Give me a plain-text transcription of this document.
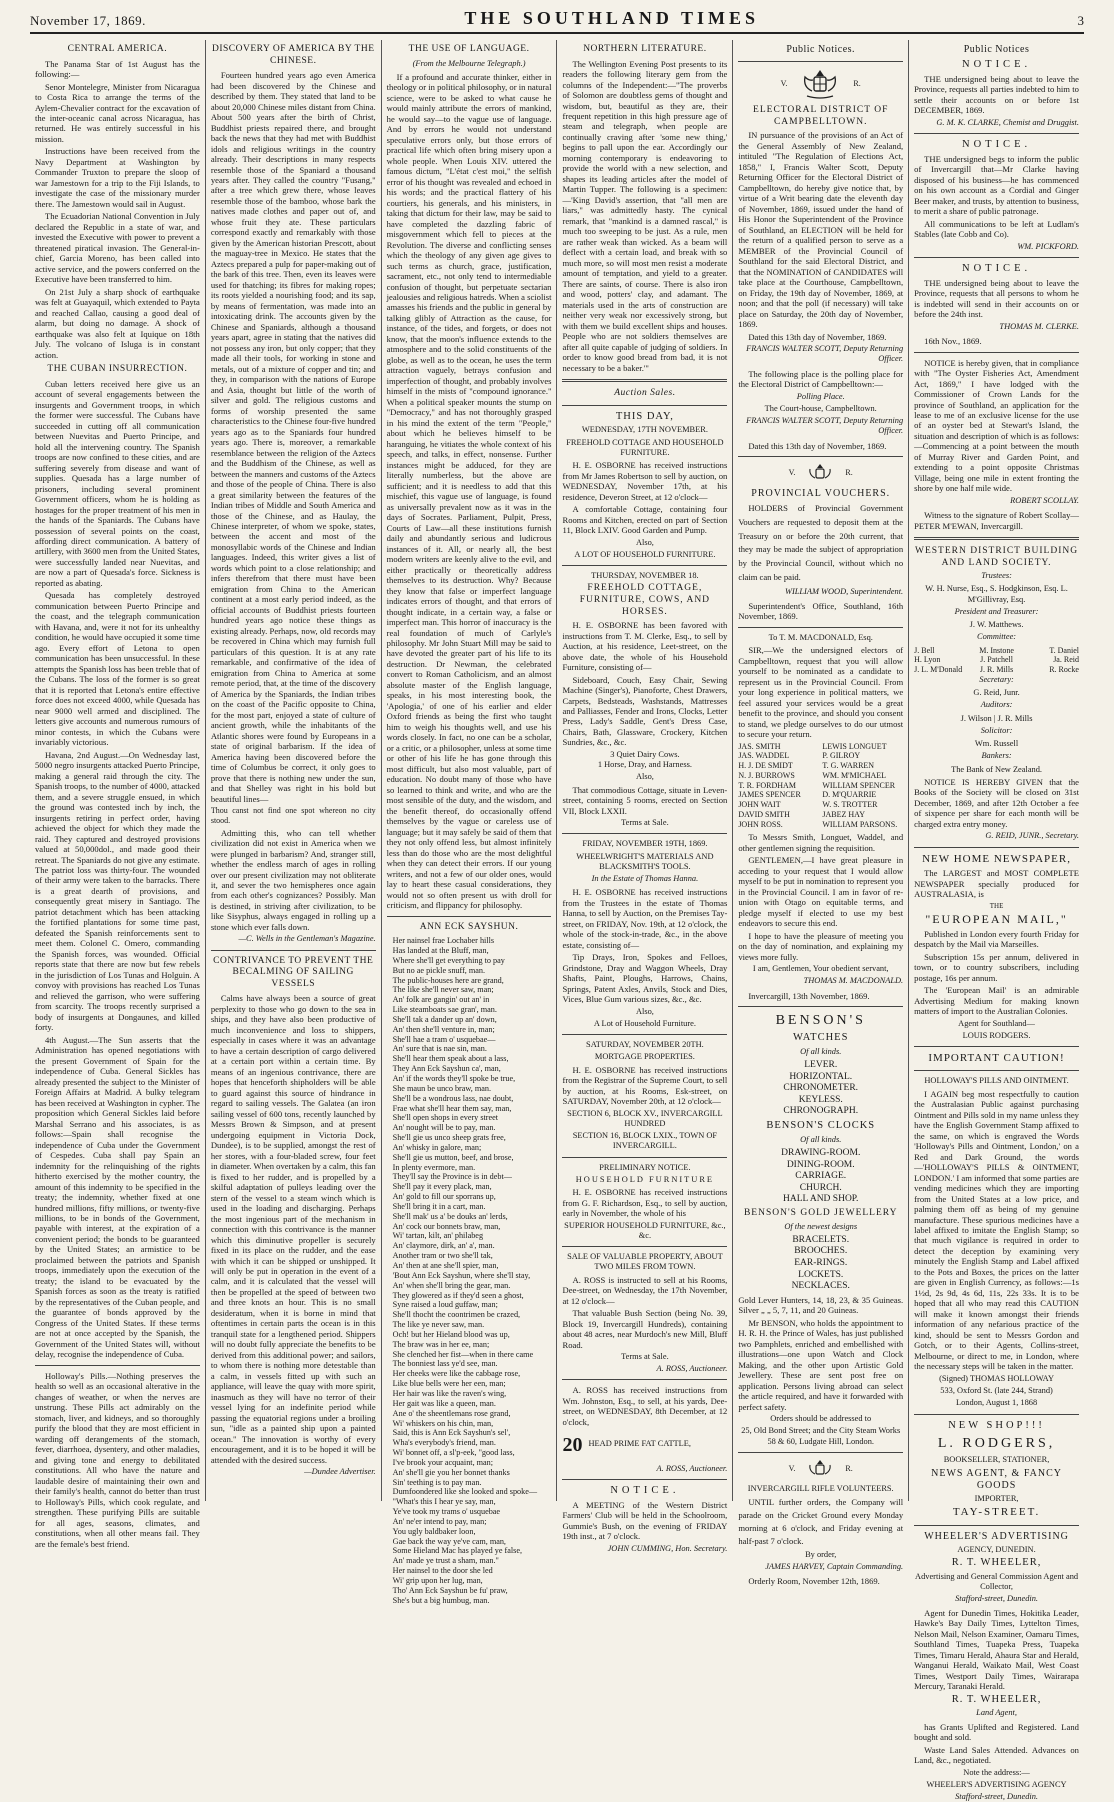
November 17, 1869.	THE SOUTHLAND TIMES	3
CENTRAL AMERICA.

The Panama Star of 1st August has the following:—

Senor Montelegre, Minister from Nicaragua to Costa Rica to arrange the terms of the Aylem-Chevalier contract for the excavation of the inter-oceanic canal across Nicaragua, has returned. He was entirely successful in his mission.

Instructions have been received from the Navy Department at Washington by Commander Truxton to prepare the sloop of war Jamestown for a trip to the Fiji Islands, to investigate the case of the missionary murder there. The Jamestown would sail in August.

The Ecuadorian National Convention in July declared the Republic in a state of war, and invested the Executive with power to prevent a threatened piratical invasion. The General-in-chief, Garcia Moreno, has been called into active service, and the powers conferred on the Executive have been transferred to him.

On 21st July a sharp shock of earthquake was felt at Guayaquil, which extended to Payta and reached Callao, causing a good deal of alarm, but doing no damage. A shock of earthquake was also felt at Iquique on 18th July. The volcano of Isluga is in constant action.

THE CUBAN INSURRECTION.

Cuban letters received here give us an account of several engagements between the insurgents and Government troops, in which the former were successful. The Cubans have succeeded in cutting off all communication between Nuevitas and Puerto Principe, and hold all the intervening country. The Spanish troops are now confined to these cities, and are suffering severely from disease and want of supplies. Quesada has a large number of prisoners, including several prominent Government officers, whom he is holding as hostages for the proper treatment of his men in the hands of the Spaniards. The Cubans have possession of several points on the coast, affording direct communication. A battery of artillery, with 3600 men from the United States, were successfully landed near Nuevitas, and are now a part of Quesada's force. Sickness is reported as abating.

Quesada has completely destroyed communication between Puerto Principe and the coast, and the telegraph communication with Havana, and, were it not for its unhealthy condition, he would have occupied it some time ago. Every effort of Letona to open communication has been unsuccessful. In these attempts the Spanish loss has been treble that of the Cubans. The loss of the former is so great that it is reported that Letona's entire effective force does not exceed 4000, while Quesada has near 9000 well armed and disciplined. The letters give accounts and numerous rumours of minor contests, in which the Cubans were invariably victorious.

Havana, 2nd August.—On Wednesday last, 5000 negro insurgents attacked Puerto Principe, making a general raid through the city. The Spanish troops, to the number of 4000, attacked them, and a severe struggle ensued, in which the ground was contested inch by inch, the insurgents retiring in perfect order, having achieved the object for which they made the raid. They captured and destroyed provisions valued at 50,000dol., and made good their retreat. The Spaniards do not give any estimate. The patriot loss was thirty-four. The wounded of their army were taken to the barracks. There is a great dearth of provisions, and consequently great misery in Santiago. The patriot detachment which has been attacking the fortified plantations for some time past, defeated the Spanish reinforcements sent to meet them. Colonel C. Omero, commanding the Spanish forces, was wounded. Official reports state that there are now but few rebels in the jurisdiction of Los Tunas and Holguin. A convoy with provisions has reached Los Tunas and relieved the garrison, who were suffering from scarcity. The troops recently surprised a body of insurgents at Dongaunes, and killed forty.

4th August.—The Sun asserts that the Administration has opened negotiations with the present Government of Spain for the independence of Cuba. General Sickles has already presented the subject to the Minister of Foreign Affairs at Madrid. A bulky telegram has been received at Washington in cypher. The proposition which General Sickles laid before Marshal Serrano and his associates, is as follows:—Spain shall recognise the independence of Cuba under the Government of Cespedes. Cuba shall pay Spain an indemnity for the relinquishing of the rights hitherto exercised by the mother country, the amount of this indemnity to be specified in the treaty; the indemnity, whether fixed at one hundred millions, fifty millions, or twenty-five millions, to be in bonds of the Government, payable with interest, at the expiration of a convenient period; the bonds to be guaranteed by the United States; an armistice to be proclaimed between the patriots and Spanish troops, immediately upon the execution of the treaty; the island to be evacuated by the Spanish forces as soon as the treaty is ratified by the representatives of the Cuban people, and the guarantee of bonds approved by the Congress of the United States. If these terms are not at once accepted by the Spanish, the Government of the United States will, without delay, recognise the independence of Cuba.

Holloway's Pills.—Nothing preserves the health so well as an occasional alterative in the changes of weather, or when the nerves are unstrung. These Pills act admirably on the stomach, liver, and kidneys, and so thoroughly purify the blood that they are most efficient in warding off derangements of the stomach, fever, diarrhoea, dysentery, and other maladies, and giving tone and energy to debilitated constitutions. All who have the nature and laudable desire of maintaining their own and their family's health, cannot do better than trust to Holloway's Pills, which cook regulate, and strengthen. These purifying Pills are suitable for all ages, seasons, climates, and constitutions, when all other means fail. They are the female's best friend.

DISCOVERY OF AMERICA BY THE CHINESE.

Fourteen hundred years ago even America had been discovered by the Chinese and described by them. They stated that land to be about 20,000 Chinese miles distant from China. About 500 years after the birth of Christ, Buddhist priests repaired there, and brought back the news that they had met with Buddhist idols and religious writings in the country already. Their descriptions in many respects resemble those of the Spaniard a thousand years after. They called the country "Fusang," after a tree which grew there, whose leaves resemble those of the bamboo, whose bark the natives made clothes and paper out of, and whose fruit they ate. These particulars correspond exactly and remarkably with those given by the American historian Prescott, about the maguay-tree in Mexico. He states that the Aztecs prepared a pulp for paper-making out of the bark of this tree. Then, even its leaves were used for thatching; its fibres for making ropes; its roots yielded a nourishing food; and its sap, by means of fermentation, was made into an intoxicating drink. The accounts given by the Chinese and Spaniards, although a thousand years apart, agree in stating that the natives did not possess any iron, but only copper; that they made all their tools, for working in stone and metals, out of a mixture of copper and tin; and they, in comparison with the nations of Europe and Asia, thought but little of the worth of silver and gold. The religious customs and forms of worship presented the same characteristics to the Chinese four-five hundred years ago as to the Spaniards four hundred years ago. There is, moreover, a remarkable resemblance between the religion of the Aztecs and the Buddhism of the Chinese, as well as between the manners and customs of the Aztecs and those of the people of China. There is also a great similarity between the features of the Indian tribes of Middle and South America and those of the Chinese, and as Haulay, the Chinese interpreter, of whom we spoke, states, between the accent and most of the monosyllabic words of the Chinese and Indian languages. Indeed, this writer gives a list of words which point to a close relationship; and infers therefrom that there must have been emigration from China to the American continent at a most early period indeed, as the official accounts of Buddhist priests fourteen hundred years ago notice these things as existing already. Perhaps, now, old records may be recovered in China which may furnish full particulars of this question. It is at any rate remarkable, and confirmative of the idea of emigration from China to America at some remote period, that, at the time of the discovery of America by the Spaniards, the Indian tribes on the coast of the Pacific opposite to China, for the most part, enjoyed a state of culture of ancient growth, while the inhabitants of the Atlantic shores were found by Europeans in a state of original barbarism. If the idea of America having been discovered before the time of Columbus be correct, it only goes to prove that there is nothing new under the sun, and that Shelley was right in his bold but beautiful lines—

Thou canst not find one spot whereon no city stood.

Admitting this, who can tell whether civilization did not exist in America when we were plunged in barbarism? And, stranger still, whether the endless march of ages in rolling over our present civilization may not obliterate it, and sever the two hemispheres once again from each other's cognizances? Possibly. Man is destined, in striving after civilization, to be like Sisyphus, always engaged in rolling up a stone which ever falls down.

—C. Wells in the Gentleman's Magazine.
CONTRIVANCE TO PREVENT THE BECALMING OF SAILING VESSELS

Calms have always been a source of great perplexity to those who go down to the sea in ships, and they have also been productive of much inconvenience and loss to shippers, especially in cases where it was an advantage to have a certain description of cargo delivered at a certain port within a certain time. By means of an ingenious contrivance, there are hopes that henceforth shipholders will be able to guard against this source of hindrance in regard to sailing vessels. The Galatea (an iron sailing vessel of 600 tons, recently launched by Messrs Brown & Simpson, and at present undergoing equipment in Victoria Dock, Dundee), is to be supplied, amongst the rest of her stores, with a four-bladed screw, four feet in diameter. When overtaken by a calm, this fan is fixed to her rudder, and is propelled by a skilful adaptation of pulleys leading over the stern of the vessel to a steam winch which is used in the loading and discharging. Perhaps the most ingenious part of the mechanism in connection with this contrivance is the manner which this diminutive propeller is securely fixed in its place on the rudder, and the ease with which it can be shipped or unshipped. It will only be put in operation in the event of a calm, and it is calculated that the vessel will then be propelled at the speed of between two and three knots an hour. This is no small desideratum, when it is borne in mind that oftentimes in certain parts the ocean is in this tranquil state for a lengthened period. Shippers will no doubt fully appreciate the benefits to be derived from this additional power; and sailors, to whom there is nothing more detestable than a calm, in vessels fitted up with such an appliance, will leave the quay with more spirit, inasmuch as they will have no terror of their vessel lying for an indefinite period while passing the equatorial regions under a broiling sun, "idle as a painted ship upon a painted ocean." The innovation is worthy of every encouragement, and it is to be hoped it will be attended with the desired success.

—Dundee Advertiser.
THE USE OF LANGUAGE.
(From the Melbourne Telegraph.)

If a profound and accurate thinker, either in theology or in political philosophy, or in natural science, were to be asked to what cause he would mainly attribute the errors of mankind, he would say—to the vague use of language. And by errors he would not understand speculative errors only, but those errors of practical life which often bring misery upon a whole people. When Louis XIV. uttered the famous dictum, "L'état c'est moi," the selfish error of his thought was revealed and echoed in his words; and the practical flattery of his courtiers, his generals, and his ministers, in taking that dictum for their law, may be said to have completed the dazzling fabric of misgovernment which fell to pieces at the Revolution. The diverse and conflicting senses which the theology of any given age gives to such terms as church, grace, justification, sacrament, etc., not only tend to intermediable confusion of thought, but perpetuate sectarian jealousies and religious hatreds. When a sciolist amasses his friends and the public in general by talking glibly of Attraction as the cause, for instance, of the tides, and forgets, or does not know, that the moon's influence extends to the atmosphere and to the solid constituents of the globe, as well as to the ocean, he uses the term attraction vaguely, betrays confusion and imperfection of thought, and probably involves himself in the mists of "compound ignorance." When a political speaker mounts the stump on "Democracy," and has not thoroughly grasped in his mind the extent of the term "People," about which he believes himself to be haranguing, he vitiates the whole context of his speech, and talks, in effect, nonsense. Further instances might be adduced, for they are literally numberless, but the above are sufficient; and it is needless to add that this mischief, this vague use of language, is found as universally prevalent now as it was in the days of Socrates. Parliament, Pulpit, Press, Courts of Law—all these institutions furnish daily and abundantly serious and ludicrous instances of it. All, or nearly all, the best modern writers are keenly alive to the evil, and either practically or theoretically address themselves to its destruction. Why? Because they know that false or imperfect language indicates errors of thought, and that errors of thought indicate, in a certain way, a false or imperfect man. This horror of inaccuracy is the real foundation of much of Carlyle's philosophy. Mr John Stuart Mill may be said to have devoted the greater part of his life to its destruction. Dr Newman, the celebrated convert to Roman Catholicism, and an almost absolute master of the English language, speaks, in his most interesting book, the 'Apologia,' of one of his earlier and elder Oxford friends as being the first who taught him to weigh his thoughts well, and use his words closely. In fact, no one can be a scholar, or a critic, or a philosopher, unless at some time or other of his life he has gone through this most difficult, but also most valuable, part of education. No doubt many of those who have so learned to think and write, and who are the most sensible of the duty, and the wisdom, and the benefit thereof, do occasionally offend themselves by the vague or careless use of language; but it may safely be said of them that they not only offend less, but almost infinitely less than do those who are the most delightful when they can detect their errors. If our young writers, and not a few of our older ones, would lay to heart these casual considerations, they would not so often present us with droll for criticism, and flippancy for philosophy.

ANN ECK SAYSHUN.
Her nainsel frae Lochaber hills
Has landed at the Bluff, man,
Where she'll get everything to pay
But no ae pickle snuff, man.
The public-houses here are grand,
The like she'll never saw, man;
An' folk are gangin' out an' in
Like steamboats sae gran', man.
She'll tak a dander up an' down,
An' then she'll venture in, man;
She'll hae a tram o' usquebae—
An' sure that is nae sin, man.
She'll hear them speak about a lass,
They Ann Eck Sayshun ca', man,
An' if the words they'll spoke be true,
She maun be unco braw, man.
She'll be a wondrous lass, nae doubt,
Frae what she'll hear them say, man,
She'll open shops in every street
An' nought will be to pay, man.
She'll gie us unco sheep grats free,
An' whisky in galore, man;
She'll gie us mutton, beef, and brose,
In plenty evermore, man.
They'll say the Province is in debt—
She'll pay it every plack, man,
An' gold to fill our sporrans up,
She'll bring it in a cart, man.
She'll mak' us a' be douks an' lerds,
An' cock our bonnets braw, man,
Wi' tartan, kilt, an' philabeg
An' claymore, dirk, an' a', man.
Another tram or two she'll tak,
An' then at ane she'll spier, man,
'Bout Ann Eck Sayshun, where she'll stay,
An' when she'll bring the gear, man.
They glowered as if they'd seen a ghost,
Syne raised a loud guffaw, man;
She'll thocht the coontrimen be crazed,
The like ye never saw, man.
Och! but her Hieland blood was up,
The braw was in her ee, man;
She clenched her fist—when in there came
The bonniest lass ye'd see, man.
Her cheeks were like the cabbage rose,
Like blue bells were her een, man;
Her hair was like the raven's wing,
Her gait was like a queen, man.
Ane o' the sheentlemans rose grand,
Wi' whiskers on his chin, man,
Said, this is Ann Eck Sayshun's sel',
Wha's everybody's friend, man.
Wi' bonnet off, a sl'p-eek, "good lass,
I've brook your acquaint, man;
An' she'll gie you her bonnet thanks
Sin' teething is to pay man.
Dumfoondered like she looked and spoke—
"What's this I hear ye say, man,
Ye've took my trams o' usquebae
An' ne'er intend to pay, man;
You ugly baldbaker loon,
Gae back the way ye've cam, man,
Some Hieland Mac has played ye false,
An' made ye trust a sham, man."
Her nainsel to the door she led
Wi' grip upon her lug, man,
Tho' Ann Eck Sayshun be fu' praw,
She's but a big humbug, man.
NORTHERN LITERATURE.

The Wellington Evening Post presents to its readers the following literary gem from the columns of the Independent:—"The proverbs of Solomon are doubtless gems of thought and wisdom, but, beautiful as they are, their frequent repetition in this high pressure age of steam and telegraph, when people are continually craving after 'some new thing,' begins to pall upon the ear. Accordingly our morning contemporary is endeavoring to provide the world with a new selection, and shapes its leading articles after the model of Martin Tupper. The following is a specimen:—'King David's assertion, that "all men are liars," was admittedly hasty. The cynical remark, that "mankind is a damned rascal," is much too sweeping to be just. As a rule, men are rather weak than wicked. As a beam will deflect with a certain load, and break with so much more, so will most men resist a moderate amount of temptation, and yield to a greater. There are saints, of course. There is also iron and wood, potters' clay, and adamant. The materials used in the arts of construction are neither very weak nor excessively strong, but with them we build excellent ships and houses. People who are not soldiers themselves are after all quite capable of judging of soldiers. In order to know good bread from bad, it is not necessary to be a baker.'"

Auction Sales.
THIS DAY,
WEDNESDAY, 17TH NOVEMBER.
FREEHOLD COTTAGE AND HOUSEHOLD FURNITURE.

H. E. OSBORNE has received instructions from Mr James Robertson to sell by auction, on WEDNESDAY, November 17th, at his residence, Deveron Street, at 12 o'clock—

A comfortable Cottage, containing four Rooms and Kitchen, erected on part of Section 11, Block LXIV. Good Garden and Pump.

Also,
A LOT OF HOUSEHOLD FURNITURE.
THURSDAY, NOVEMBER 18.
FREEHOLD COTTAGE, FURNITURE, COWS, AND HORSES.

H. E. OSBORNE has been favored with instructions from T. M. Clerke, Esq., to sell by Auction, at his residence, Leet-street, on the above date, the whole of his Household Furniture, consisting of—

Sideboard, Couch, Easy Chair, Sewing Machine (Singer's), Pianoforte, Chest Drawers, Carpets, Bedsteads, Washstands, Mattresses and Palliasses, Fender and Irons, Clocks, Letter Press, Lady's Saddle, Gent's Dress Case, Chairs, Bath, Glassware, Crockery, Kitchen Sundries, &c., &c.

3 Quiet Dairy Cows.
1 Horse, Dray, and Harness.
Also,

That commodious Cottage, situate in Leven-street, containing 5 rooms, erected on Section VII, Block LXXII.

Terms at Sale.
FRIDAY, NOVEMBER 19TH, 1869.
WHEELWRIGHT'S MATERIALS AND BLACKSMITH'S TOOLS.
In the Estate of Thomas Hanna.

H. E. OSBORNE has received instructions from the Trustees in the estate of Thomas Hanna, to sell by Auction, on the Premises Tay-street, on FRIDAY, Nov. 19th, at 12 o'clock, the whole of the stock-in-trade, &c., in the above estate, consisting of—

Tip Drays, Iron, Spokes and Felloes, Grindstone, Dray and Waggon Wheels, Dray Shafts, Paint, Ploughs, Harrows, Chains, Springs, Patent Axles, Anvils, Stock and Dies, Vices, Blue Gum various sizes, &c., &c.

Also,
A Lot of Household Furniture.
SATURDAY, NOVEMBER 20TH.
MORTGAGE PROPERTIES.

H. E. OSBORNE has received instructions from the Registrar of the Supreme Court, to sell by auction, at his Rooms, Esk-street, on SATURDAY, November 20th, at 12 o'clock—

SECTION 6, BLOCK XV., INVERCARGILL HUNDRED
SECTION 16, BLOCK LXIX., TOWN OF INVERCARGILL.
PRELIMINARY NOTICE.
HOUSEHOLD FURNITURE

H. E. OSBORNE has received instructions from G. F. Richardson, Esq., to sell by auction, early in November, the whole of his

SUPERIOR HOUSEHOLD FURNITURE, &c., &c.
SALE OF VALUABLE PROPERTY, ABOUT TWO MILES FROM TOWN.

A. ROSS is instructed to sell at his Rooms, Dee-street, on Wednesday, the 17th November, at 12 o'clock—

That valuable Bush Section (being No. 39, Block 19, Invercargill Hundreds), containing about 48 acres, near Murdoch's new Mill, Bluff Road.

Terms at Sale.
A. ROSS, Auctioneer.

A. ROSS has received instructions from Wm. Johnston, Esq., to sell, at his yards, Dee-street, on WEDNESDAY, 8th December, at 12 o'clock,

20 HEAD PRIME FAT CATTLE,
A. ROSS, Auctioneer.
NOTICE.

A MEETING of the Western District Farmers' Club will be held in the Schoolroom, Gummie's Bush, on the evening of FRIDAY 19th inst., at 7 o'clock.

JOHN CUMMING, Hon. Secretary.
Public Notices.
V.	R.
ELECTORAL DISTRICT OF CAMPBELLTOWN.

IN pursuance of the provisions of an Act of the General Assembly of New Zealand, intituled "The Regulation of Elections Act, 1858," I, Francis Walter Scott, Deputy Returning Officer for the Electoral District of Campbelltown, do hereby give notice that, by virtue of a Writ bearing date the eleventh day of November, 1869, issued under the hand of His Honor the Superintendent of the Province of Southland, an ELECTION will be held for the return of a qualified person to serve as a MEMBER of the Provincial Council of Southland for the said Electoral District, and that the NOMINATION of CANDIDATES will take place at the Courthouse, Campbelltown, on Friday, the 19th day of November, 1869, at noon; and that the poll (if necessary) will take place on Saturday, the 20th day of November, 1869.

Dated this 13th day of November, 1869.

FRANCIS WALTER SCOTT, Deputy Returning Officer.

The following place is the polling place for the Electoral District of Campbelltown:—

Polling Place.
The Court-house, Campbelltown.
FRANCIS WALTER SCOTT, Deputy Returning Officer.

Dated this 13th day of November, 1869.

V.	R.
PROVINCIAL VOUCHERS.

HOLDERS of Provincial Government Vouchers are requested to deposit them at the Treasury on or before the 20th current, that they may be made the subject of appropriation by the Provincial Council, without which no claim can be paid.

WILLIAM WOOD, Superintendent.

Superintendent's Office, Southland, 16th November, 1869.

To T. M. MACDONALD, Esq.

SIR,—We the undersigned electors of Campbelltown, request that you will allow yourself to be nominated as a candidate to represent us in the Provincial Council. From your long experience in political matters, we feel assured your services would be a great benefit to the province, and should you consent to stand, we pledge ourselves to do our utmost to secure your return.

JAS. SMITH
JAS. WADDEL
H. J. DE SMIDT
N. J. BURROWS
T. R. FORDHAM
JAMES SPENCER
JOHN WAIT
DAVID SMITH
JOHN ROSS.
LEWIS LONGUET
P. GILROY
T. G. WARREN
WM. M'MICHAEL
WILLIAM SPENCER
D. M'QUARRIE
W. S. TROTTER
JABEZ HAY
WILLIAM PARSONS.

To Messrs Smith, Longuet, Waddel, and other gentlemen signing the requisition.

GENTLEMEN,—I have great pleasure in acceding to your request that I would allow myself to be put in nomination to represent you in the Provincial Council. I am in favor of re-union with Otago on equitable terms, and pledge myself if elected to use my best endeavors to secure this end.

I hope to have the pleasure of meeting you on the day of nomination, and explaining my views more fully.

I am, Gentlemen, Your obedient servant,
THOMAS M. MACDONALD.

Invercargill, 13th November, 1869.

BENSON'S
WATCHES
Of all kinds.
LEVER.
HORIZONTAL.
CHRONOMETER.
KEYLESS.
CHRONOGRAPH.
BENSON'S CLOCKS
Of all kinds.
DRAWING-ROOM.
DINING-ROOM.
CARRIAGE.
CHURCH.
HALL AND SHOP.
BENSON'S GOLD JEWELLERY
Of the newest designs
BRACELETS.
BROOCHES.
EAR-RINGS.
LOCKETS.
NECKLACES.

Gold Lever Hunters, 14, 18, 23, & 35 Guineas. Silver „ „ 5, 7, 11, and 20 Guineas.

Mr BENSON, who holds the appointment to H. R. H. the Prince of Wales, has just published two Pamphlets, enriched and embellished with illustrations—one upon Watch and Clock Making, and the other upon Artistic Gold Jewellery. These are sent post free on application. Persons living abroad can select the article required, and have it forwarded with perfect safety.

Orders should be addressed to
25, Old Bond Street; and the City Steam Works 58 & 60, Ludgate Hill, London.
V.	R.
INVERCARGILL RIFLE VOLUNTEERS.

UNTIL further orders, the Company will parade on the Cricket Ground every Monday morning at 6 o'clock, and Friday evening at half-past 7 o'clock.

By order,
JAMES HARVEY, Captain Commanding.

Orderly Room, November 12th, 1869.

Public Notices
NOTICE.

THE undersigned being about to leave the Province, requests all parties indebted to him to settle their accounts on or before 1st DECEMBER, 1869.

G. M. K. CLARKE, Chemist and Druggist.
NOTICE.

THE undersigned begs to inform the public of Invercargill that—Mr Clarke having disposed of his business—he has commenced on his own account as a Cordial and Ginger Beer maker, and trusts, by attention to business, to merit a share of public patronage.

All communications to be left at Ludlam's Stables (late Cobb and Co).

WM. PICKFORD.
NOTICE.

THE undersigned being about to leave the Province, requests that all persons to whom he is indebted will send in their accounts on or before the 24th inst.

THOMAS M. CLERKE.

16th Nov., 1869.

NOTICE is hereby given, that in compliance with "The Oyster Fisheries Act, Amendment Act, 1869," I have lodged with the Commissioner of Crown Lands for the province of Southland, an application for the lease to me of an exclusive license for the use of an oyster bed at Stewart's Island, the situation and description of which is as follows:—Commencing at a point between the mouth of Murray River and Garden Point, and extending to a point opposite Christmas Village, being one mile in extent fronting the shore by one half mile wide.

ROBERT SCOLLAY.

Witness to the signature of Robert Scollay— PETER M'EWAN, Invercargill.

WESTERN DISTRICT BUILDING AND LAND SOCIETY.
Trustees:
W. H. Nurse, Esq., S. Hodgkinson, Esq. L. M'Gillivray, Esq.
President and Treasurer:
J. W. Matthews.
Committee:
J. Bell
H. Lyon
J. L. M'Donald
M. Instone
J. Patchell
J. R. Mills
T. Daniel
Ja. Reid
R. Rocke
Secretary:
G. Reid, Junr.
Auditors:
J. Wilson | J. R. Mills
Solicitor:
Wm. Russell
Bankers:
The Bank of New Zealand.

NOTICE IS HEREBY GIVEN that the Books of the Society will be closed on 31st December, 1869, and after 12th October a fee of sixpence per share for each month will be charged extra entry money.

G. REID, JUNR., Secretary.
NEW HOME NEWSPAPER,

The LARGEST and MOST COMPLETE NEWSPAPER specially produced for AUSTRALASIA, is

THE
"EUROPEAN MAIL,"

Published in London every fourth Friday for despatch by the Mail via Marseilles.

Subscription 15s per annum, delivered in town, or to country subscribers, including postage, 16s per annum.

The 'European Mail' is an admirable Advertising Medium for making known matters of import to the Australian Colonies.

Agent for Southland—
LOUIS RODGERS.
IMPORTANT CAUTION!
HOLLOWAY'S PILLS AND OINTMENT.

I AGAIN beg most respectfully to caution the Australasian Public against purchasing Ointment and Pills sold in my name unless they have the English Government Stamp affixed to the same, on which is engraved the Words 'Holloway's Pills and Ointment, London,' on a Red and Dark Ground, the words—'HOLLOWAY'S PILLS & OINTMENT, LONDON.' I am informed that some parties are vending medicines which they are importing from the United States at a low price, and palming them off as being of my genuine manufacture. These spurious medicines have a label affixed to imitate the English Stamp; so that much vigilance is required in order to detect the deception by examining very minutely the English Stamp and Label affixed to the Pots and Boxes, the prices on the latter are given in English Currency, as follows:—1s 1½d, 2s 9d, 4s 6d, 11s, 22s 33s. It is to be hoped that all who may read this CAUTION will make it known amongst their friends information of any nefarious practice of the kind, should be sent to Messrs Gordon and Gotch, or to their Agents, Collins-street, Melbourne, or direct to me, in London, where the necessary steps will be taken in the matter.

(Signed) THOMAS HOLLOWAY
533, Oxford St. (late 244, Strand)
London, August 1, 1868
NEW SHOP!!!
L. RODGERS,
BOOKSELLER, STATIONER,
NEWS AGENT, & FANCY GOODS
IMPORTER,
TAY-STREET.
WHEELER'S ADVERTISING
AGENCY, DUNEDIN.
R. T. WHEELER,
Advertising and General Commission Agent and Collector,
Stafford-street, Dunedin.

Agent for Dunedin Times, Hokitika Leader, Hawke's Bay Daily Times, Lyttelton Times, Nelson Mail, Nelson Examiner, Oamaru Times, Southland Times, Tuapeka Press, Tuapeka Times, Timaru Herald, Ahaura Star and Herald, Wanganui Herald, Waikato Mail, West Coast Times, Westport Daily Times, Wairarapa Mercury, Taranaki Herald.

R. T. WHEELER,
Land Agent,

has Grants Uplifted and Registered. Land bought and sold.

Waste Land Sales Attended. Advances on Land, &c., negotiated.

Note the address:—
WHEELER'S ADVERTISING AGENCY
Stafford-street, Dunedin.
